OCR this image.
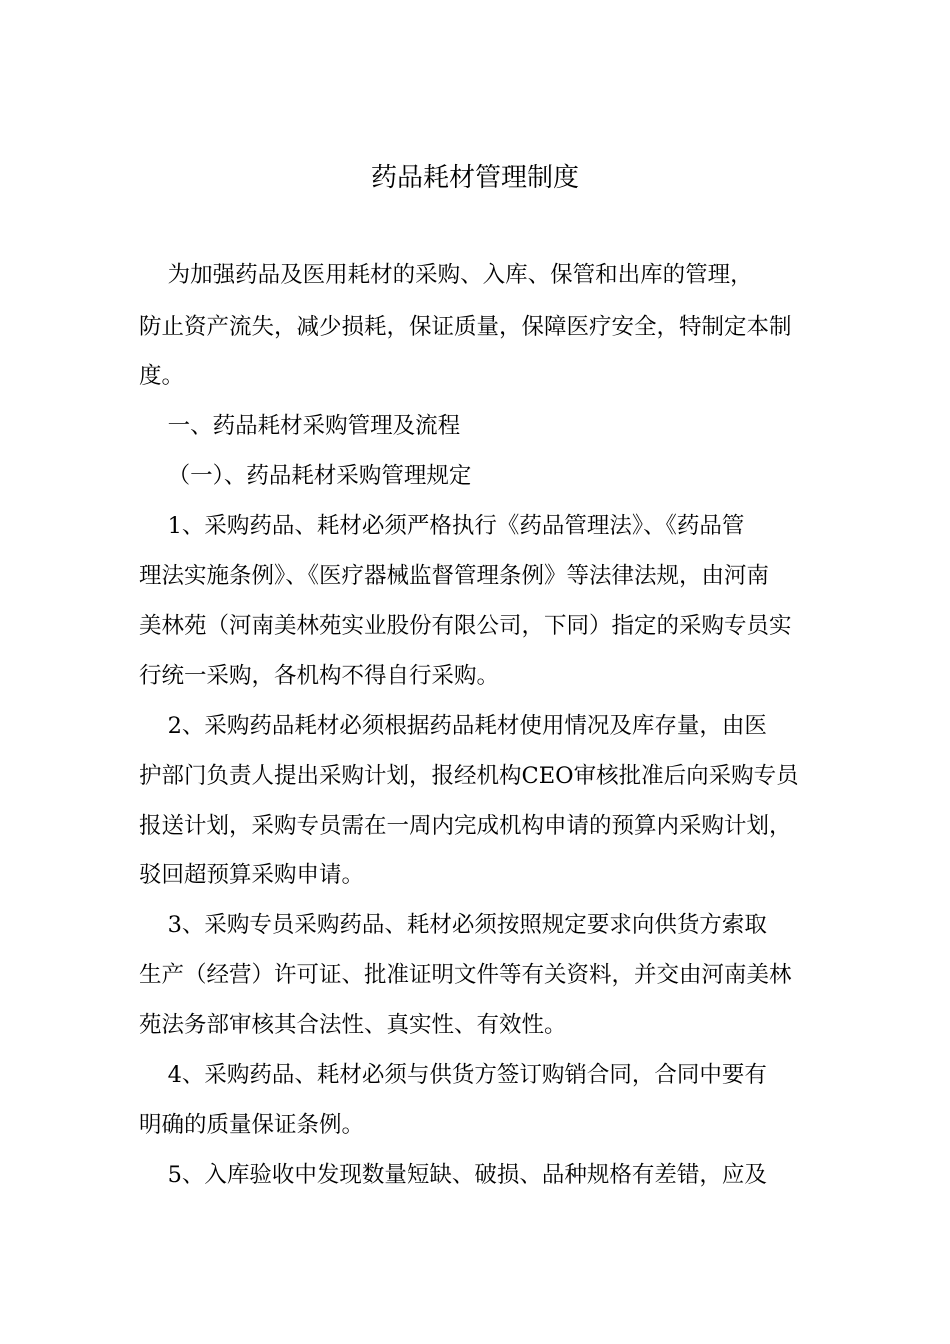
药品耗材管理制度
为加强药品及医用耗材的采购、入库、保管和出库的管理，
防止资产流失，减少损耗，保证质量，保障医疗安全，特制定本制
度。
一、药品耗材采购管理及流程
（一）、药品耗材采购管理规定
1、采购药品、耗材必须严格执行《药品管理法》、《药品管
理法实施条例》、《医疗器械监督管理条例》等法律法规，由河南
美林苑（河南美林苑实业股份有限公司，下同）指定的采购专员实
行统一采购，各机构不得自行采购。
2、采购药品耗材必须根据药品耗材使用情况及库存量，由医
护部门负责人提出采购计划，报经机构CEO审核批准后向采购专员
报送计划，采购专员需在一周内完成机构申请的预算内采购计划，
驳回超预算采购申请。
3、采购专员采购药品、耗材必须按照规定要求向供货方索取
生产（经营）许可证、批准证明文件等有关资料，并交由河南美林
苑法务部审核其合法性、真实性、有效性。
4、采购药品、耗材必须与供货方签订购销合同，合同中要有
明确的质量保证条例。
5、入库验收中发现数量短缺、破损、品种规格有差错，应及
